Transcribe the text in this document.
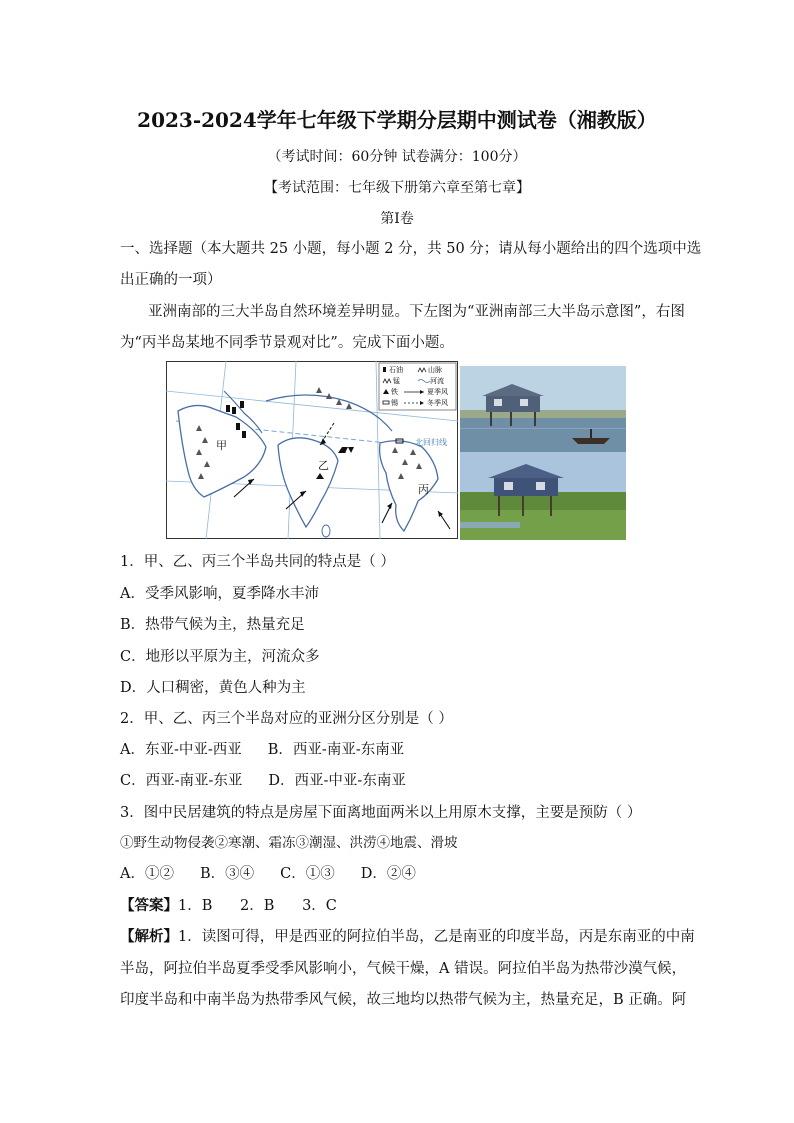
2023-2024学年七年级下学期分层期中测试卷（湘教版）
（考试时间：60分钟 试卷满分：100分）
【考试范围：七年级下册第六章至第七章】
第Ⅰ卷
一、选择题（本大题共 25 小题，每小题 2 分，共 50 分；请从每小题给出的四个选项中选
出正确的一项）
亚洲南部的三大半岛自然环境差异明显。下左图为“亚洲南部三大半岛示意图”，右图
为“丙半岛某地不同季节景观对比”。完成下面小题。
甲
乙
丙
北回归线
石油	山脉
锰	河流
铁	夏季风
锡	冬季风
1．甲、乙、丙三个半岛共同的特点是（ ）
A．受季风影响，夏季降水丰沛
B．热带气候为主，热量充足
C．地形以平原为主，河流众多
D．人口稠密，黄色人种为主
2．甲、乙、丙三个半岛对应的亚洲分区分别是（ ）
A．东亚-中亚-西亚 B．西亚-南亚-东南亚
C．西亚-南亚-东亚 D．西亚-中亚-东南亚
3．图中民居建筑的特点是房屋下面离地面两米以上用原木支撑，主要是预防（ ）
①野生动物侵袭②寒潮、霜冻③潮湿、洪涝④地震、滑坡
A．①② B．③④ C．①③ D．②④
【答案】1．B      2．B      3．C
【解析】1．读图可得，甲是西亚的阿拉伯半岛，乙是南亚的印度半岛，丙是东南亚的中南
半岛，阿拉伯半岛夏季受季风影响小，气候干燥，A 错误。阿拉伯半岛为热带沙漠气候，
印度半岛和中南半岛为热带季风气候，故三地均以热带气候为主，热量充足，B 正确。阿
